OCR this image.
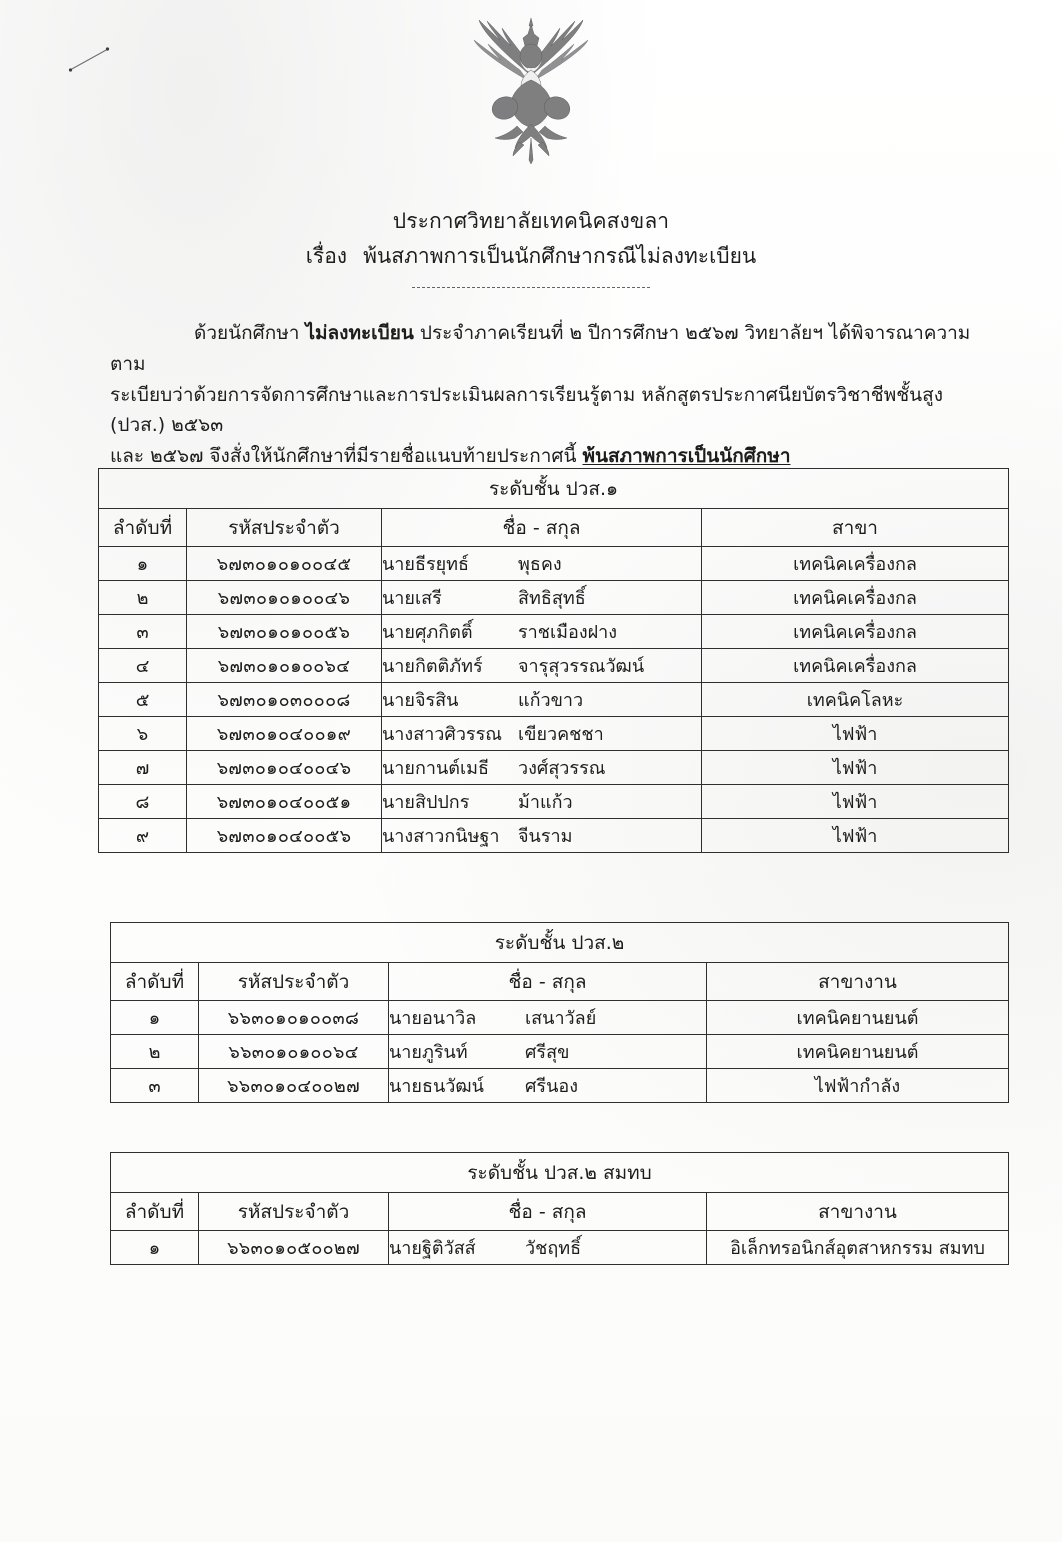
ประกาศวิทยาลัยเทคนิคสงขลา
เรื่อง พ้นสภาพการเป็นนักศึกษากรณีไม่ลงทะเบียน

ด้วยนักศึกษา ไม่ลงทะเบียน ประจำภาคเรียนที่ ๒ ปีการศึกษา ๒๕๖๗ วิทยาลัยฯ ได้พิจารณาความตาม

ระเบียบว่าด้วยการจัดการศึกษาและการประเมินผลการเรียนรู้ตาม หลักสูตรประกาศนียบัตรวิชาชีพชั้นสูง (ปวส.) ๒๕๖๓

และ ๒๕๖๗ จึงสั่งให้นักศึกษาที่มีรายชื่อแนบท้ายประกาศนี้ พ้นสภาพการเป็นนักศึกษา

ระดับชั้น ปวส.๑			
ลำดับที่	รหัสประจำตัว	ชื่อ - สกุล	สาขา
๑	๖๗๓๐๑๐๑๐๐๔๕	นายธีรยุทธ์ พุธคง	เทคนิคเครื่องกล
๒	๖๗๓๐๑๐๑๐๐๔๖	นายเสรี สิทธิสุทธิ์	เทคนิคเครื่องกล
๓	๖๗๓๐๑๐๑๐๐๕๖	นายศุภกิตติ์ ราชเมืองฝาง	เทคนิคเครื่องกล
๔	๖๗๓๐๑๐๑๐๐๖๔	นายกิตติภัทร์ จารุสุวรรณวัฒน์	เทคนิคเครื่องกล
๕	๖๗๓๐๑๐๓๐๐๐๘	นายจิรสิน แก้วขาว	เทคนิคโลหะ
๖	๖๗๓๐๑๐๔๐๐๑๙	นางสาวศิวรรณ เขียวคชชา	ไฟฟ้า
๗	๖๗๓๐๑๐๔๐๐๔๖	นายกานต์เมธี วงศ์สุวรรณ	ไฟฟ้า
๘	๖๗๓๐๑๐๔๐๐๕๑	นายสิปปกร ม้าแก้ว	ไฟฟ้า
๙	๖๗๓๐๑๐๔๐๐๕๖	นางสาวกนิษฐา จีนราม	ไฟฟ้า
ระดับชั้น ปวส.๒			
ลำดับที่	รหัสประจำตัว	ชื่อ - สกุล	สาขางาน
๑	๖๖๓๐๑๐๑๐๐๓๘	นายอนาวิล เสนาวัลย์	เทคนิคยานยนต์
๒	๖๖๓๐๑๐๑๐๐๖๔	นายภูรินท์ ศรีสุข	เทคนิคยานยนต์
๓	๖๖๓๐๑๐๔๐๐๒๗	นายธนวัฒน์ ศรีนอง	ไฟฟ้ากำลัง
ระดับชั้น ปวส.๒ สมทบ			
ลำดับที่	รหัสประจำตัว	ชื่อ - สกุล	สาขางาน
๑	๖๖๓๐๑๐๕๐๐๒๗	นายฐิติวัสส์ วัชฤทธิ์	อิเล็กทรอนิกส์อุตสาหกรรม สมทบ
